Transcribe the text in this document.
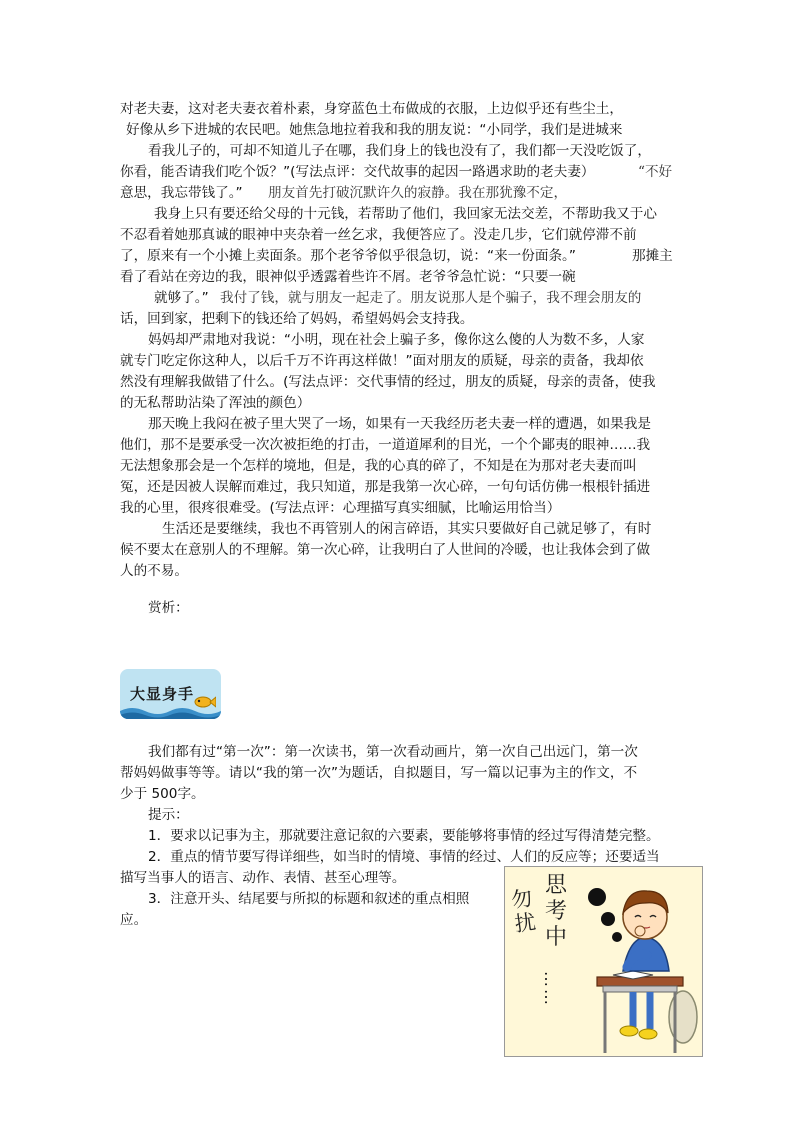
对老夫妻，这对老夫妻衣着朴素，身穿蓝色土布做成的衣服，上边似乎还有些尘土，
好像从乡下进城的农民吧。她焦急地拉着我和我的朋友说：“小同学，我们是进城来
看我儿子的，可却不知道儿子在哪，我们身上的钱也没有了，我们都一天没吃饭了，
你看，能否请我们吃个饭？”(写法点评：交代故事的起因一路遇求助的老夫妻）	“不好
意思，我忘带钱了。” 朋友首先打破沉默许久的寂静。我在那犹豫不定，
我身上只有要还给父母的十元钱，若帮助了他们，我回家无法交差，不帮助我又于心
不忍看着她那真诚的眼神中夹杂着一丝乞求，我便答应了。没走几步，它们就停滞不前
了，原来有一个小摊上卖面条。那个老爷爷似乎很急切，说：“来一份面条。”	那摊主
看了看站在旁边的我，眼神似乎透露着些许不屑。老爷爷急忙说：“只要一碗
就够了。” 我付了钱，就与朋友一起走了。朋友说那人是个骗子，我不理会朋友的
话，回到家，把剩下的钱还给了妈妈，希望妈妈会支持我。
妈妈却严肃地对我说：“小明，现在社会上骗子多，像你这么傻的人为数不多，人家
就专门吃定你这种人，以后千万不许再这样做！”面对朋友的质疑，母亲的责备，我却依
然没有理解我做错了什么。(写法点评：交代事情的经过，朋友的质疑，母亲的责备，使我
的无私帮助沾染了浑浊的颜色）
那天晚上我闷在被子里大哭了一场，如果有一天我经历老夫妻一样的遭遇，如果我是
他们，那不是要承受一次次被拒绝的打击，一道道犀利的目光，一个个鄙夷的眼神……我
无法想象那会是一个怎样的境地，但是，我的心真的碎了，不知是在为那对老夫妻而叫
冤，还是因被人误解而难过，我只知道，那是我第一次心碎，一句句话仿佛一根根针插进
我的心里，很疼很难受。(写法点评：心理描写真实细腻，比喻运用恰当）
生活还是要继续，我也不再管别人的闲言碎语，其实只要做好自己就足够了，有时
候不要太在意别人的不理解。第一次心碎，让我明白了人世间的冷暖，也让我体会到了做
人的不易。
赏析：
大显身手
我们都有过“第一次”：第一次读书，第一次看动画片，第一次自己出远门，第一次
帮妈妈做事等等。请以“我的第一次”为题话，自拟题目，写一篇以记事为主的作文，不
少于 500字。
提示：
1．要求以记事为主，那就要注意记叙的六要素，要能够将事情的经过写得清楚完整。
2．重点的情节要写得详细些，如当时的情境、事情的经过、人们的反应等；还要适当
描写当事人的语言、动作、表情、甚至心理等。
3．注意开头、结尾要与所拟的标题和叙述的重点相照
应。
勿扰
思考中
……
